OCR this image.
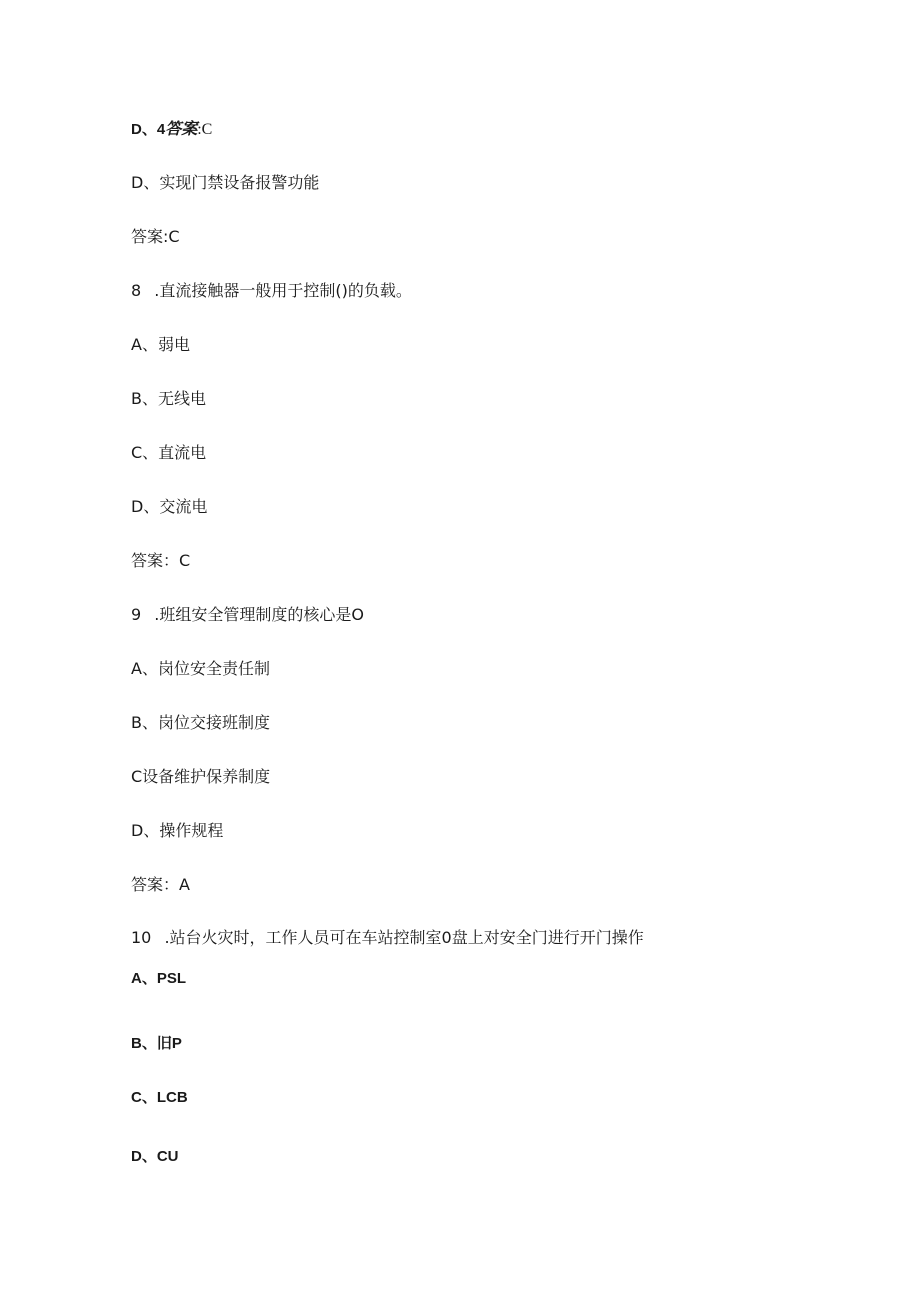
D、4答案:C
D、实现门禁设备报警功能
答案:C
8  .直流接触器一般用于控制()的负载。
A、弱电
B、无线电
C、直流电
D、交流电
答案：C
9  .班组安全管理制度的核心是O
A、岗位安全责任制
B、岗位交接班制度
C设备维护保养制度
D、操作规程
答案：A
10  .站台火灾时，工作人员可在车站控制室0盘上对安全门进行开门操作
A、PSL
B、旧P
C、LCB
D、CU
